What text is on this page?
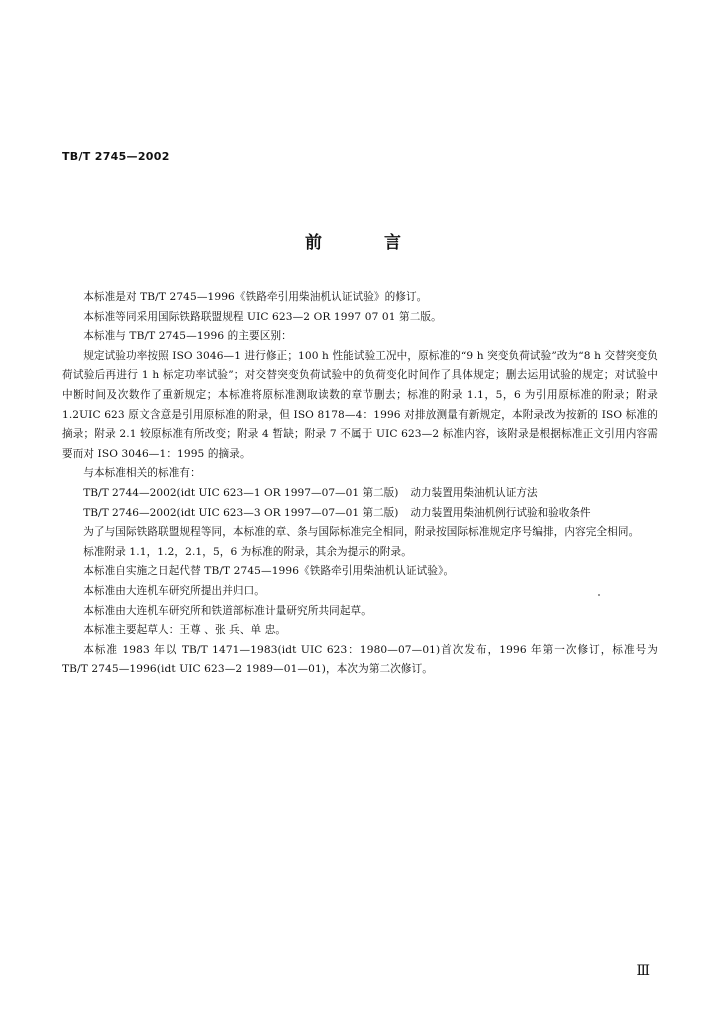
TB/T 2745—2002
前 言

本标准是对 TB/T 2745—1996《铁路牵引用柴油机认证试验》的修订。

本标准等同采用国际铁路联盟规程 UIC 623—2 OR 1997 07 01 第二版。

本标准与 TB/T 2745—1996 的主要区别：

规定试验功率按照 ISO 3046—1 进行修正；100 h 性能试验工况中，原标准的“9 h 突变负荷试验”改为“8 h 交替突变负荷试验后再进行 1 h 标定功率试验”；对交替突变负荷试验中的负荷变化时间作了具体规定；删去运用试验的规定；对试验中中断时间及次数作了重新规定；本标准将原标准测取读数的章节删去；标准的附录 1.1，5，6 为引用原标准的附录；附录 1.2UIC 623 原文含意是引用原标准的附录，但 ISO 8178—4：1996 对排放测量有新规定，本附录改为按新的 ISO 标准的摘录；附录 2.1 较原标准有所改变；附录 4 暂缺；附录 7 不属于 UIC 623—2 标准内容，该附录是根据标准正文引用内容需要而对 ISO 3046—1：1995 的摘录。

与本标准相关的标准有：

TB/T 2744—2002(idt UIC 623—1 OR 1997—07—01 第二版) 动力装置用柴油机认证方法

TB/T 2746—2002(idt UIC 623—3 OR 1997—07—01 第二版) 动力装置用柴油机例行试验和验收条件

为了与国际铁路联盟规程等同，本标准的章、条与国际标准完全相同，附录按国际标准规定序号编排，内容完全相同。

标准附录 1.1，1.2，2.1，5，6 为标准的附录，其余为提示的附录。

本标准自实施之日起代替 TB/T 2745—1996《铁路牵引用柴油机认证试验》。

本标准由大连机车研究所提出并归口。

本标准由大连机车研究所和铁道部标准计量研究所共同起草。

本标准主要起草人：王尊 、张 兵、单 忠。

本标准 1983 年以 TB/T 1471—1983(idt UIC 623：1980—07—01)首次发布，1996 年第一次修订，标准号为 TB/T 2745—1996(idt UIC 623—2 1989—01—01)，本次为第二次修订。

Ⅲ
